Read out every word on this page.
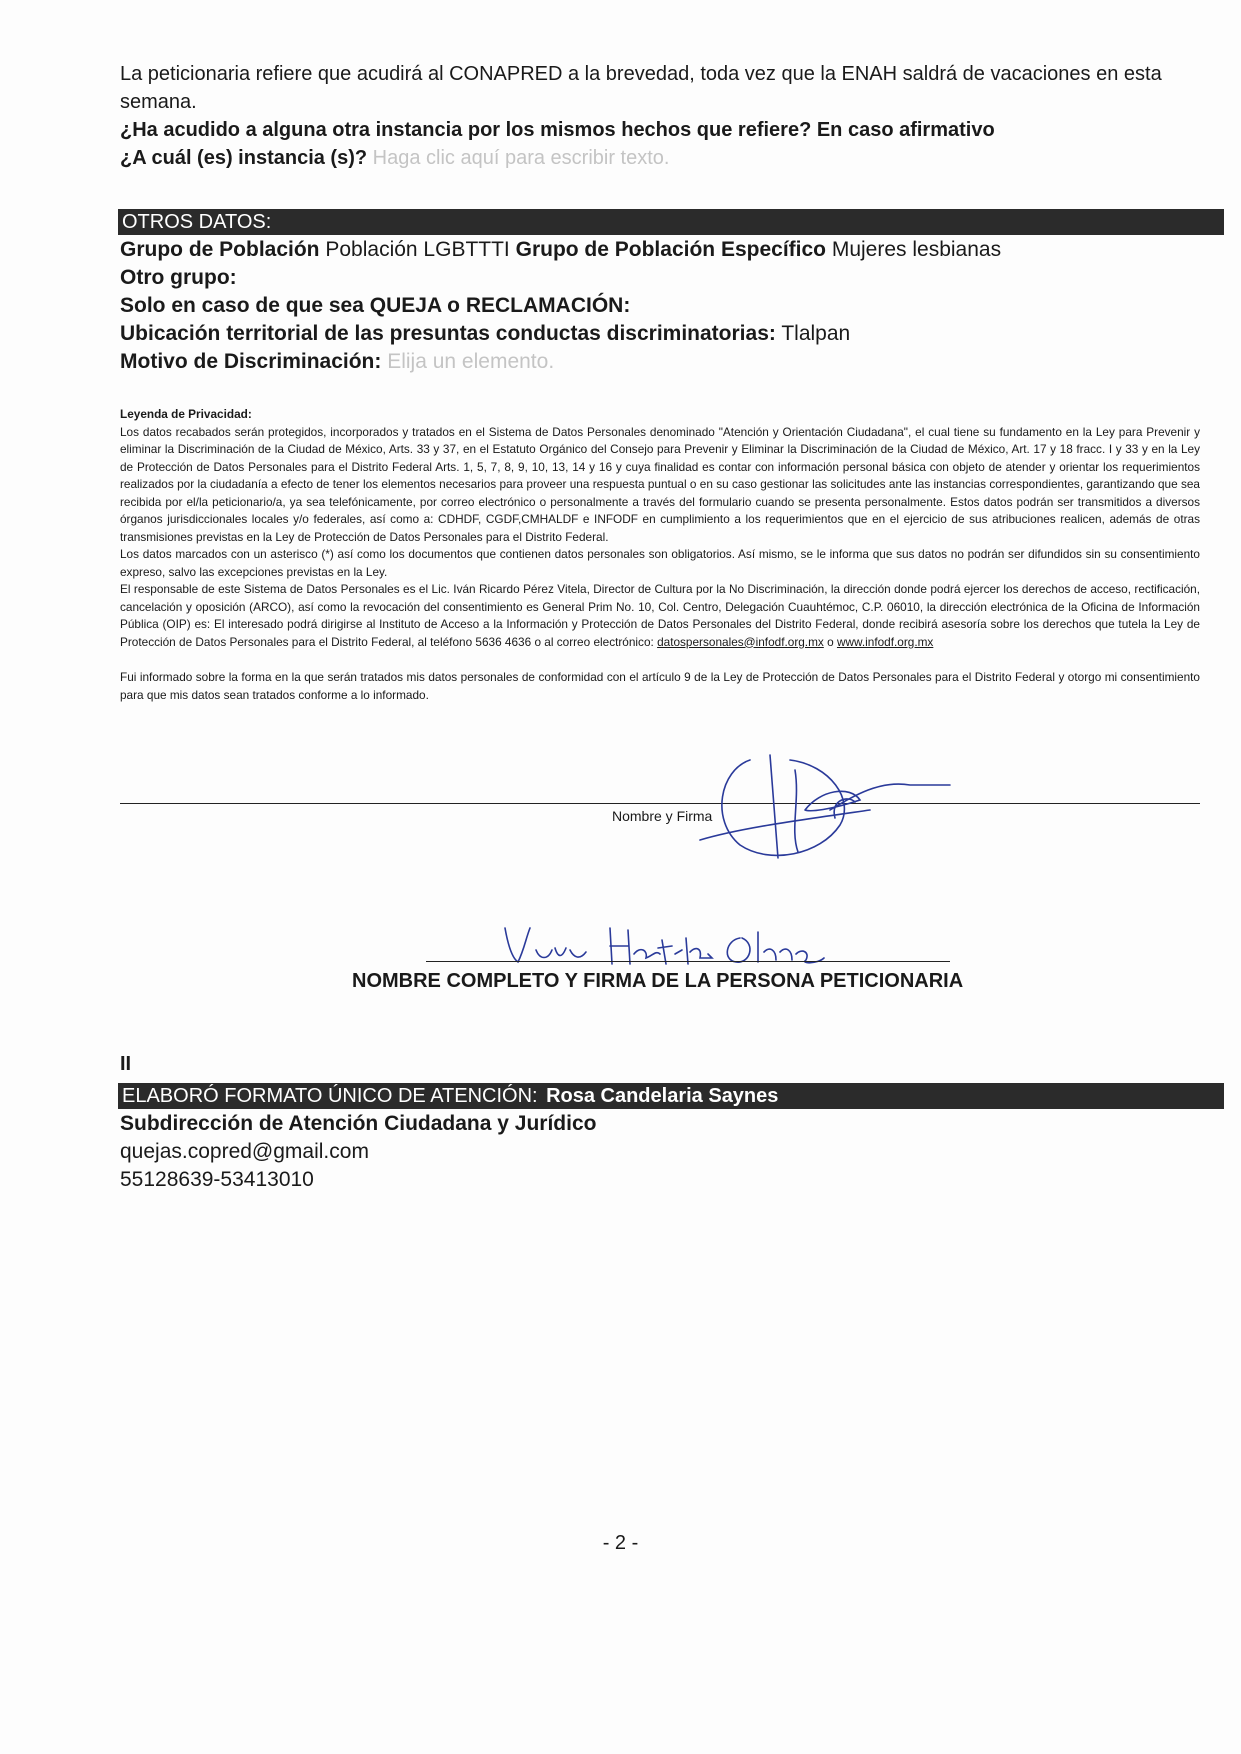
La peticionaria refiere que acudirá al CONAPRED a la brevedad, toda vez que la ENAH saldrá de vacaciones en esta
semana.
¿Ha acudido a alguna otra instancia por los mismos hechos que refiere? En caso afirmativo
¿A cuál (es) instancia (s)? Haga clic aquí para escribir texto.
OTROS DATOS:
Grupo de Población Población LGBTTTI Grupo de Población Específico Mujeres lesbianas
Otro grupo:
Solo en caso de que sea QUEJA o RECLAMACIÓN:
Ubicación territorial de las presuntas conductas discriminatorias: Tlalpan
Motivo de Discriminación: Elija un elemento.

Leyenda de Privacidad:

Los datos recabados serán protegidos, incorporados y tratados en el Sistema de Datos Personales denominado "Atención y Orientación Ciudadana", el cual tiene su fundamento en la Ley para Prevenir y eliminar la Discriminación de la Ciudad de México, Arts. 33 y 37, en el Estatuto Orgánico del Consejo para Prevenir y Eliminar la Discriminación de la Ciudad de México, Art. 17 y 18 fracc. I y 33 y en la Ley de Protección de Datos Personales para el Distrito Federal Arts. 1, 5, 7, 8, 9, 10, 13, 14 y 16 y cuya finalidad es contar con información personal básica con objeto de atender y orientar los requerimientos realizados por la ciudadanía a efecto de tener los elementos necesarios para proveer una respuesta puntual o en su caso gestionar las solicitudes ante las instancias correspondientes, garantizando que sea recibida por el/la peticionario/a, ya sea telefónicamente, por correo electrónico o personalmente a través del formulario cuando se presenta personalmente. Estos datos podrán ser transmitidos a diversos órganos jurisdiccionales locales y/o federales, así como a: CDHDF, CGDF,CMHALDF e INFODF en cumplimiento a los requerimientos que en el ejercicio de sus atribuciones realicen, además de otras transmisiones previstas en la Ley de Protección de Datos Personales para el Distrito Federal.

Los datos marcados con un asterisco (*) así como los documentos que contienen datos personales son obligatorios. Así mismo, se le informa que sus datos no podrán ser difundidos sin su consentimiento expreso, salvo las excepciones previstas en la Ley.

El responsable de este Sistema de Datos Personales es el Lic. Iván Ricardo Pérez Vitela, Director de Cultura por la No Discriminación, la dirección donde podrá ejercer los derechos de acceso, rectificación, cancelación y oposición (ARCO), así como la revocación del consentimiento es General Prim No. 10, Col. Centro, Delegación Cuauhtémoc, C.P. 06010, la dirección electrónica de la Oficina de Información Pública (OIP) es: El interesado podrá dirigirse al Instituto de Acceso a la Información y Protección de Datos Personales del Distrito Federal, donde recibirá asesoría sobre los derechos que tutela la Ley de Protección de Datos Personales para el Distrito Federal, al teléfono 5636 4636 o al correo electrónico: datospersonales@infodf.org.mx o www.infodf.org.mx

Fui informado sobre la forma en la que serán tratados mis datos personales de conformidad con el artículo 9 de la Ley de Protección de Datos Personales para el Distrito Federal y otorgo mi consentimiento para que mis datos sean tratados conforme a lo informado.

Nombre y Firma
NOMBRE COMPLETO Y FIRMA DE LA PERSONA PETICIONARIA
II
ELABORÓ FORMATO ÚNICO DE ATENCIÓN: Rosa Candelaria Saynes
Subdirección de Atención Ciudadana y Jurídico
quejas.copred@gmail.com
55128639-53413010
- 2 -
